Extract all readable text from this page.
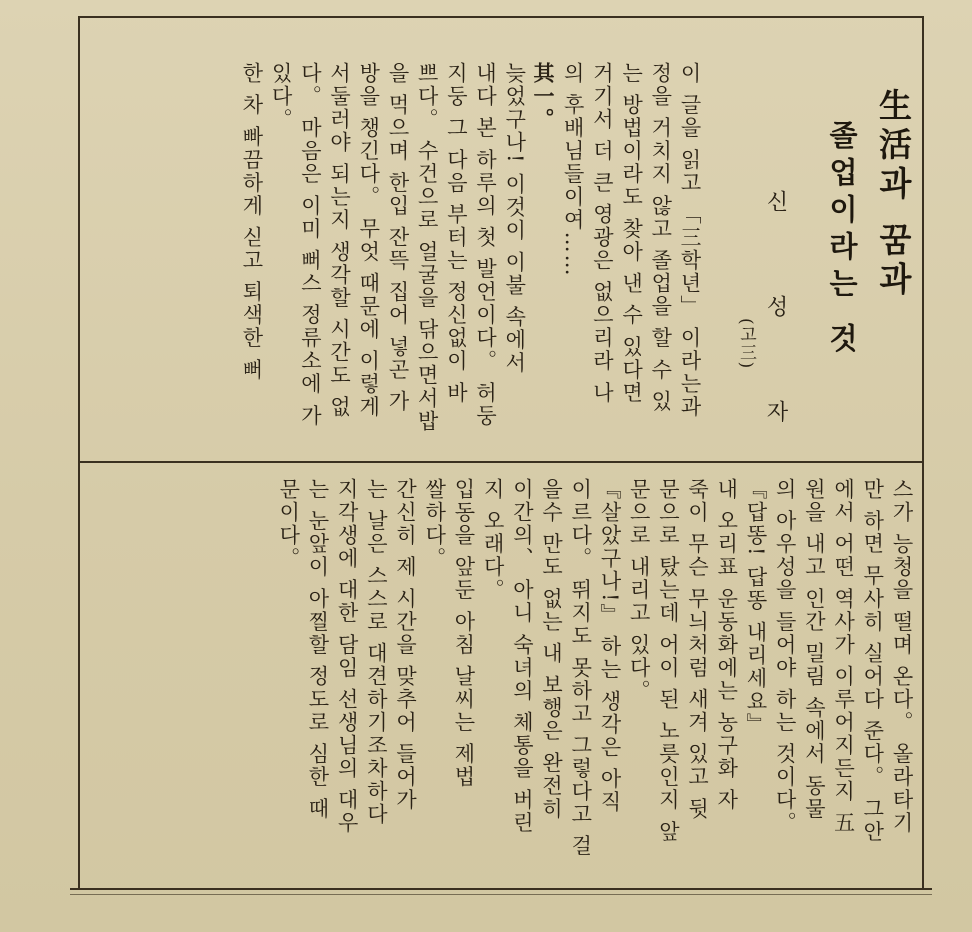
生活과 꿈과
졸업이라는 것
신 성 자
(고三)

이 글을 읽고 「三학년」 이라는과

정을 거치지 않고 졸업을 할 수 있

는 방법이라도 찾아 낸 수 있다면

거기서 더 큰 영광은 없으리라 나

의 후배님들이여……

其一。

늦었구나! 이것이 이불 속에서

내다 본 하루의 첫 발언이다。 허둥

지둥 그 다음 부터는 정신없이 바

쁘다。 수건으로 얼굴을 닦으면서밥

을 먹으며 한입 잔뜩 집어 넣곤 가

방을 챙긴다。 무엇 때문에 이렇게

서둘러야 되는지 생각할 시간도 없

다。 마음은 이미 뻐스 정류소에 가

있다。

한 차 빠끔하게 싣고 퇴색한 뻐

스가 능청을 떨며 온다。 올라타기

만 하면 무사히 실어다 준다。 그안

에서 어떤 역사가 이루어지든지 五

원을 내고 인간 밀림 속에서 동물

의 아우성을 들어야 하는 것이다。

『답똥! 답똥 내리세요』

내 오리표 운동화에는 농구화 자

죽이 무슨 무늬처럼 새겨 있고 뒷

문으로 탔는데 어이 된 노릇인지 앞

문으로 내리고 있다。

『살았구나!』 하는 생각은 아직

이르다。 뛰지도 못하고 그렇다고 걸

을수 만도 없는 내 보행은 완전히

이간의、 아니 숙녀의 체통을 버린

지 오래다。

입동을 앞둔 아침 날씨는 제법

쌀하다。

간신히 제 시간을 맞추어 들어가

는 날은 스스로 대견하기조차하다

지각생에 대한 담임 선생님의 대우

는 눈앞이 아찔할 정도로 심한 때

문이다。
